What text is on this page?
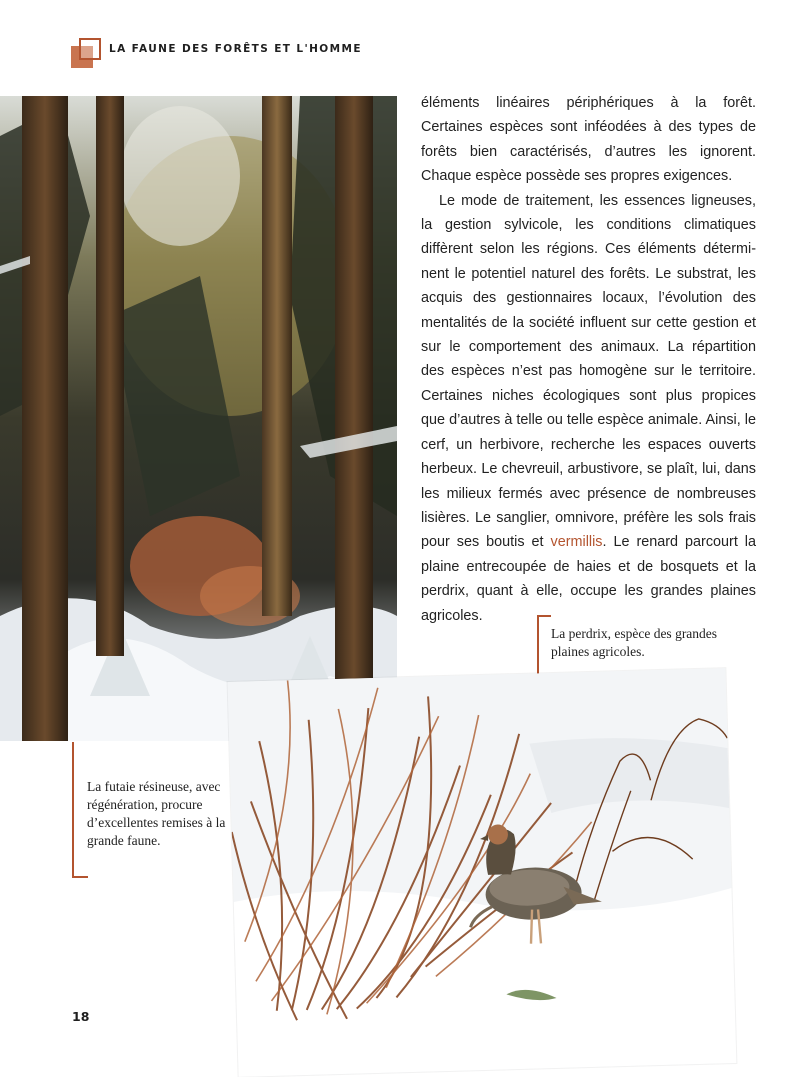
LA FAUNE DES FORÊTS ET L'HOMME

éléments linéaires périphériques à la forêt. Certaines espèces sont inféodées à des types de forêts bien caractérisés, d’autres les ignorent. Chaque espèce possède ses propres exigences.

Le mode de traitement, les essences ligneuses, la gestion sylvicole, les conditions climatiques diffèrent selon les régions. Ces éléments déterminent le potentiel naturel des forêts. Le substrat, les acquis des gestionnaires locaux, l’évolution des mentalités de la société influent sur cette gestion et sur le comportement des animaux. La répartition des espèces n’est pas homogène sur le territoire. Certaines niches écologiques sont plus propices que d’autres à telle ou telle espèce animale. Ainsi, le cerf, un herbivore, recherche les espaces ouverts herbeux. Le chevreuil, arbustivore, se plaît, lui, dans les milieux fermés avec présence de nombreuses lisières. Le sanglier, omnivore, préfère les sols frais pour ses boutis et vermillis. Le renard parcourt la plaine entrecoupée de haies et de bosquets et la perdrix, quant à elle, occupe les grandes plaines agricoles.

La perdrix, espèce des grandes plaines agricoles.
La futaie résineuse, avec régénération, procure d’excellentes remises à la grande faune.
18
